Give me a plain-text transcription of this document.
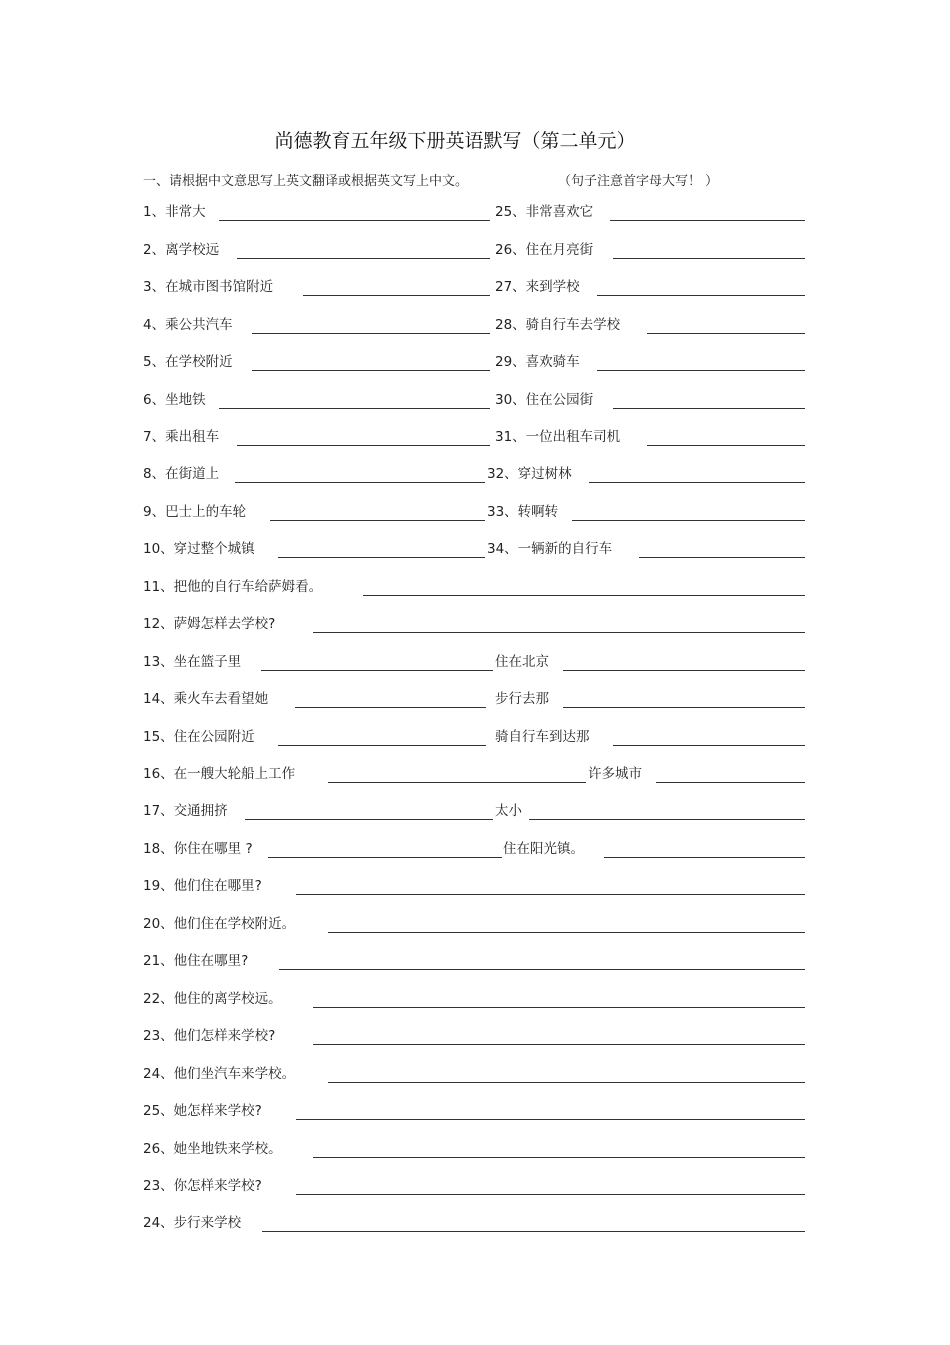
尚德教育五年级下册英语默写（第二单元）
一、请根据中文意思写上英文翻译或根据英文写上中文。	（句子注意首字母大写！ ）
1、非常大	25、非常喜欢它
2、离学校远	26、住在月亮街
3、在城市图书馆附近	27、来到学校
4、乘公共汽车	28、骑自行车去学校
5、在学校附近	29、喜欢骑车
6、坐地铁	30、住在公园街
7、乘出租车	31、一位出租车司机
8、在街道上	32、穿过树林
9、巴士上的车轮	33、转啊转
10、穿过整个城镇	34、一辆新的自行车
11、把他的自行车给萨姆看。
12、萨姆怎样去学校?
13、坐在篮子里	住在北京
14、乘火车去看望她	步行去那
15、住在公园附近	骑自行车到达那
16、在一艘大轮船上工作	许多城市
17、交通拥挤	太小
18、你住在哪里 ?	住在阳光镇。
19、他们住在哪里?
20、他们住在学校附近。
21、他住在哪里?
22、他住的离学校远。
23、他们怎样来学校?
24、他们坐汽车来学校。
25、她怎样来学校?
26、她坐地铁来学校。
23、你怎样来学校?
24、步行来学校
